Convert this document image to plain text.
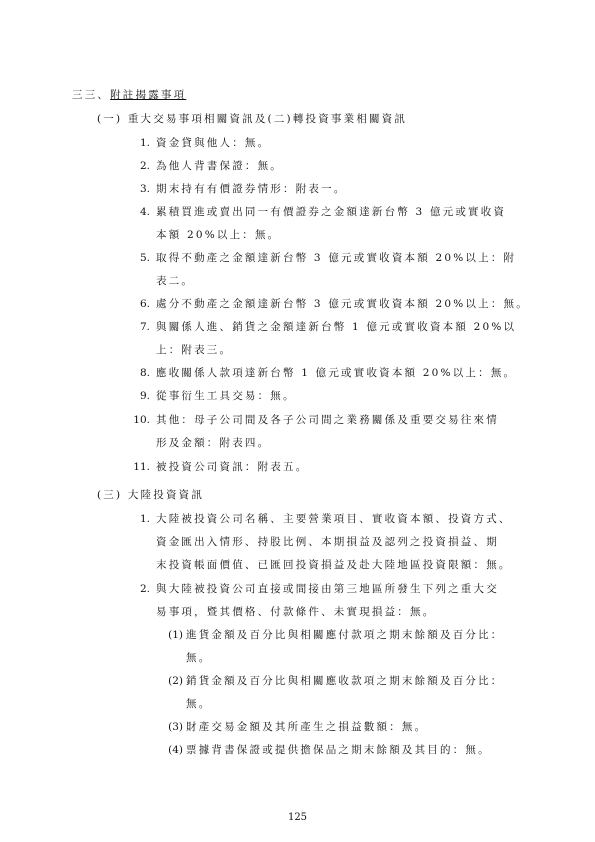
三三、附註揭露事項
(一) 重大交易事項相關資訊及(二)轉投資事業相關資訊
1. 資金貸與他人：無。
2. 為他人背書保證：無。
3. 期末持有有價證券情形：附表一。
4. 累積買進或賣出同一有價證券之金額達新台幣 3 億元或實收資
本額 20%以上：無。
5. 取得不動產之金額達新台幣 3 億元或實收資本額 20%以上：附
表二。
6. 處分不動產之金額達新台幣 3 億元或實收資本額 20%以上：無。
7. 與關係人進、銷貨之金額達新台幣 1 億元或實收資本額 20%以
上：附表三。
8. 應收關係人款項達新台幣 1 億元或實收資本額 20%以上：無。
9. 從事衍生工具交易：無。
10. 其他：母子公司間及各子公司間之業務關係及重要交易往來情
形及金額：附表四。
11. 被投資公司資訊：附表五。
(三) 大陸投資資訊
1. 大陸被投資公司名稱、主要營業項目、實收資本額、投資方式、
資金匯出入情形、持股比例、本期損益及認列之投資損益、期
末投資帳面價值、已匯回投資損益及赴大陸地區投資限額：無。
2. 與大陸被投資公司直接或間接由第三地區所發生下列之重大交
易事項，暨其價格、付款條件、未實現損益：無。
(1) 進貨金額及百分比與相關應付款項之期末餘額及百分比：
無。
(2) 銷貨金額及百分比與相關應收款項之期末餘額及百分比：
無。
(3) 財產交易金額及其所產生之損益數額：無。
(4) 票據背書保證或提供擔保品之期末餘額及其目的：無。
125
